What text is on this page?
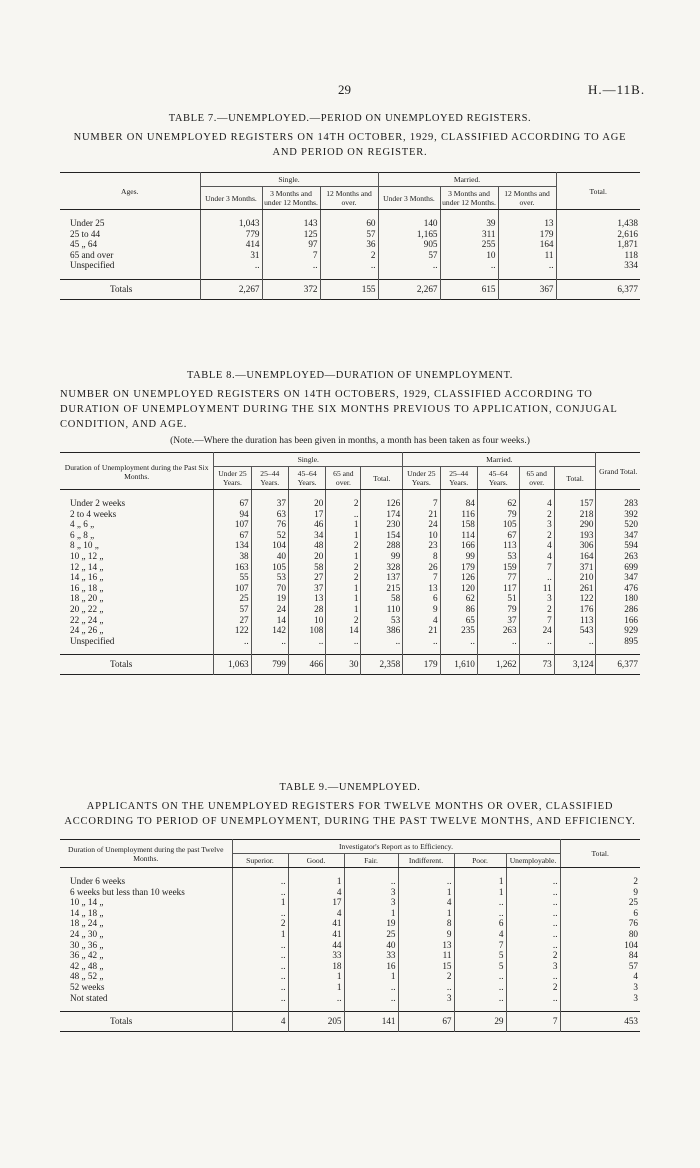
29	H.—11B.

TABLE 7.—UNEMPLOYED.—PERIOD ON UNEMPLOYED REGISTERS.

NUMBER ON UNEMPLOYED REGISTERS ON 14TH OCTOBER, 1929, CLASSIFIED ACCORDING TO AGE AND PERIOD ON REGISTER.

Ages.	Single.			Married.			Total.
	Under 3 Months.	3 Months and under 12 Months.	12 Months and over.	Under 3 Months.	3 Months and under 12 Months.	12 Months and over.	

Under 25	1,043	143	60	140	39	13	1,438
25 to 44	779	125	57	1,165	311	179	2,616
45 „ 64	414	97	36	905	255	164	1,871
65 and over	31	7	2	57	10	11	118
Unspecified	..	..	..	..	..	..	334

Totals	2,267	372	155	2,267	615	367	6,377

TABLE 8.—UNEMPLOYED—DURATION OF UNEMPLOYMENT.

NUMBER ON UNEMPLOYED REGISTERS ON 14TH OCTOBERS, 1929, CLASSIFIED ACCORDING TO DURATION OF UNEMPLOYMENT DURING THE SIX MONTHS PREVIOUS TO APPLICATION, CONJUGAL CONDITION, AND AGE.

(Note.—Where the duration has been given in months, a month has been taken as four weeks.)

Duration of Unemployment during the Past Six Months.	Single.					Married.					Grand Total.
	Under 25 Years.	25–44 Years.	45–64 Years.	65 and over.	Total.	Under 25 Years.	25–44 Years.	45–64 Years.	65 and over.	Total.	

Under 2 weeks	67	37	20	2	126	7	84	62	4	157	283
2 to 4 weeks	94	63	17	..	174	21	116	79	2	218	392
4 „ 6 „	107	76	46	1	230	24	158	105	3	290	520
6 „ 8 „	67	52	34	1	154	10	114	67	2	193	347
8 „ 10 „	134	104	48	2	288	23	166	113	4	306	594
10 „ 12 „	38	40	20	1	99	8	99	53	4	164	263
12 „ 14 „	163	105	58	2	328	26	179	159	7	371	699
14 „ 16 „	55	53	27	2	137	7	126	77	..	210	347
16 „ 18 „	107	70	37	1	215	13	120	117	11	261	476
18 „ 20 „	25	19	13	1	58	6	62	51	3	122	180
20 „ 22 „	57	24	28	1	110	9	86	79	2	176	286
22 „ 24 „	27	14	10	2	53	4	65	37	7	113	166
24 „ 26 „	122	142	108	14	386	21	235	263	24	543	929
Unspecified	..	..	..	..	..	..	..	..	..	..	895

Totals	1,063	799	466	30	2,358	179	1,610	1,262	73	3,124	6,377

TABLE 9.—UNEMPLOYED.

APPLICANTS ON THE UNEMPLOYED REGISTERS FOR TWELVE MONTHS OR OVER, CLASSIFIED ACCORDING TO PERIOD OF UNEMPLOYMENT, DURING THE PAST TWELVE MONTHS, AND EFFICIENCY.

Duration of Unemployment during the past Twelve Months.	Investigator's Report as to Efficiency.						Total.
	Superior.	Good.	Fair.	Indifferent.	Poor.	Unemployable.	

Under 6 weeks	..	1	..	..	1	..	2
6 weeks but less than 10 weeks	..	4	3	1	1	..	9
10 „ 14 „	1	17	3	4	..	..	25
14 „ 18 „	..	4	1	1	..	..	6
18 „ 24 „	2	41	19	8	6	..	76
24 „ 30 „	1	41	25	9	4	..	80
30 „ 36 „	..	44	40	13	7	..	104
36 „ 42 „	..	33	33	11	5	2	84
42 „ 48 „	..	18	16	15	5	3	57
48 „ 52 „	..	1	1	2	..	..	4
52 weeks	..	1	..	..	..	2	3
Not stated	..	..	..	3	..	..	3

Totals	4	205	141	67	29	7	453
